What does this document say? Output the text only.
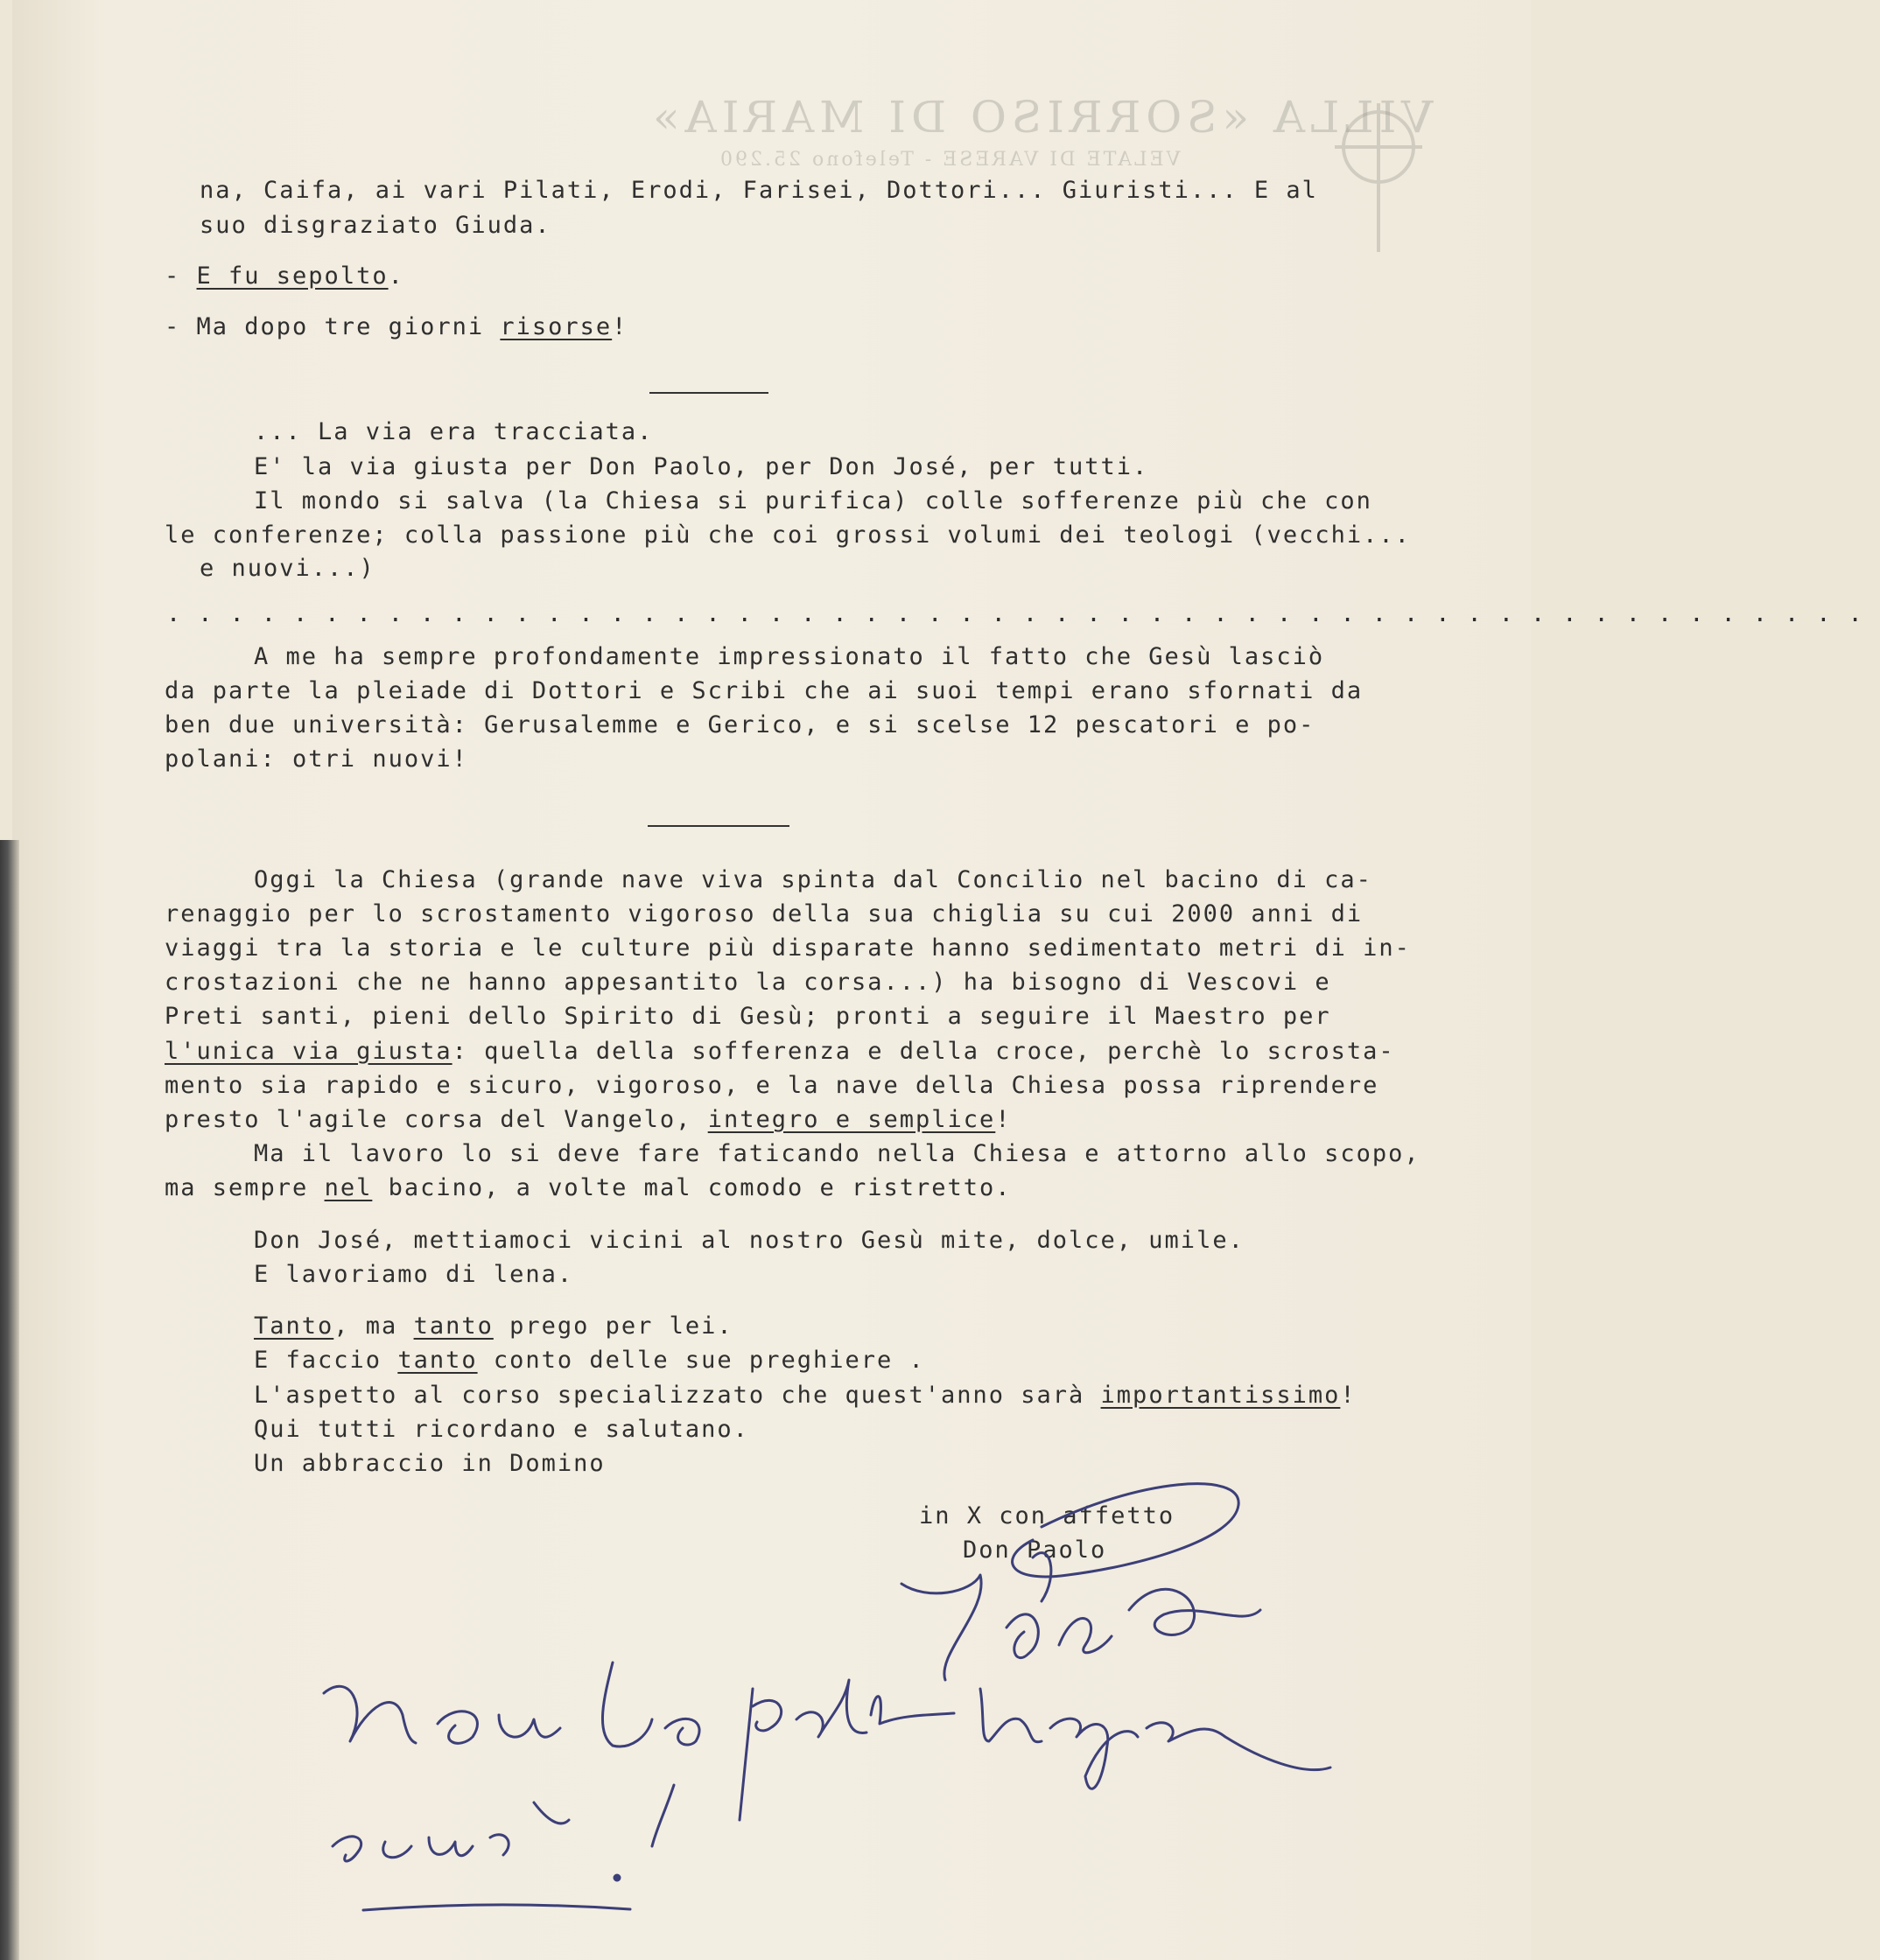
VILLA «SORRISO DI MARIA»
VELATE DI VARESE - Telefono 25.290
na, Caifa, ai vari Pilati, Erodi, Farisei, Dottori... Giuristi... E al
suo disgraziato Giuda.
- E fu sepolto.
- Ma dopo tre giorni risorse!
... La via era tracciata.
E' la via giusta per Don Paolo, per Don José, per tutti.
Il mondo si salva (la Chiesa si purifica) colle sofferenze più che con
le conferenze; colla passione più che coi grossi volumi dei teologi (vecchi...
e nuovi...)
......................................................
A me ha sempre profondamente impressionato il fatto che Gesù lasciò
da parte la pleiade di Dottori e Scribi che ai suoi tempi erano sfornati da
ben due università: Gerusalemme e Gerico, e si scelse 12 pescatori e po-
polani: otri nuovi!
Oggi la Chiesa (grande nave viva spinta dal Concilio nel bacino di ca-
renaggio per lo scrostamento vigoroso della sua chiglia su cui 2000 anni di
viaggi tra la storia e le culture più disparate hanno sedimentato metri di in-
crostazioni che ne hanno appesantito la corsa...) ha bisogno di Vescovi e
Preti santi, pieni dello Spirito di Gesù; pronti a seguire il Maestro per
l'unica via giusta: quella della sofferenza e della croce, perchè lo scrosta-
mento sia rapido e sicuro, vigoroso, e la nave della Chiesa possa riprendere
presto l'agile corsa del Vangelo, integro e semplice!
Ma il lavoro lo si deve fare faticando nella Chiesa e attorno allo scopo,
ma sempre nel bacino, a volte mal comodo e ristretto.
Don José, mettiamoci vicini al nostro Gesù mite, dolce, umile.
E lavoriamo di lena.
Tanto, ma tanto prego per lei.
E faccio tanto conto delle sue preghiere .
L'aspetto al corso specializzato che quest'anno sarà importantissimo!
Qui tutti ricordano e salutano.
Un abbraccio in Domino
in X con affetto
Don Paolo
